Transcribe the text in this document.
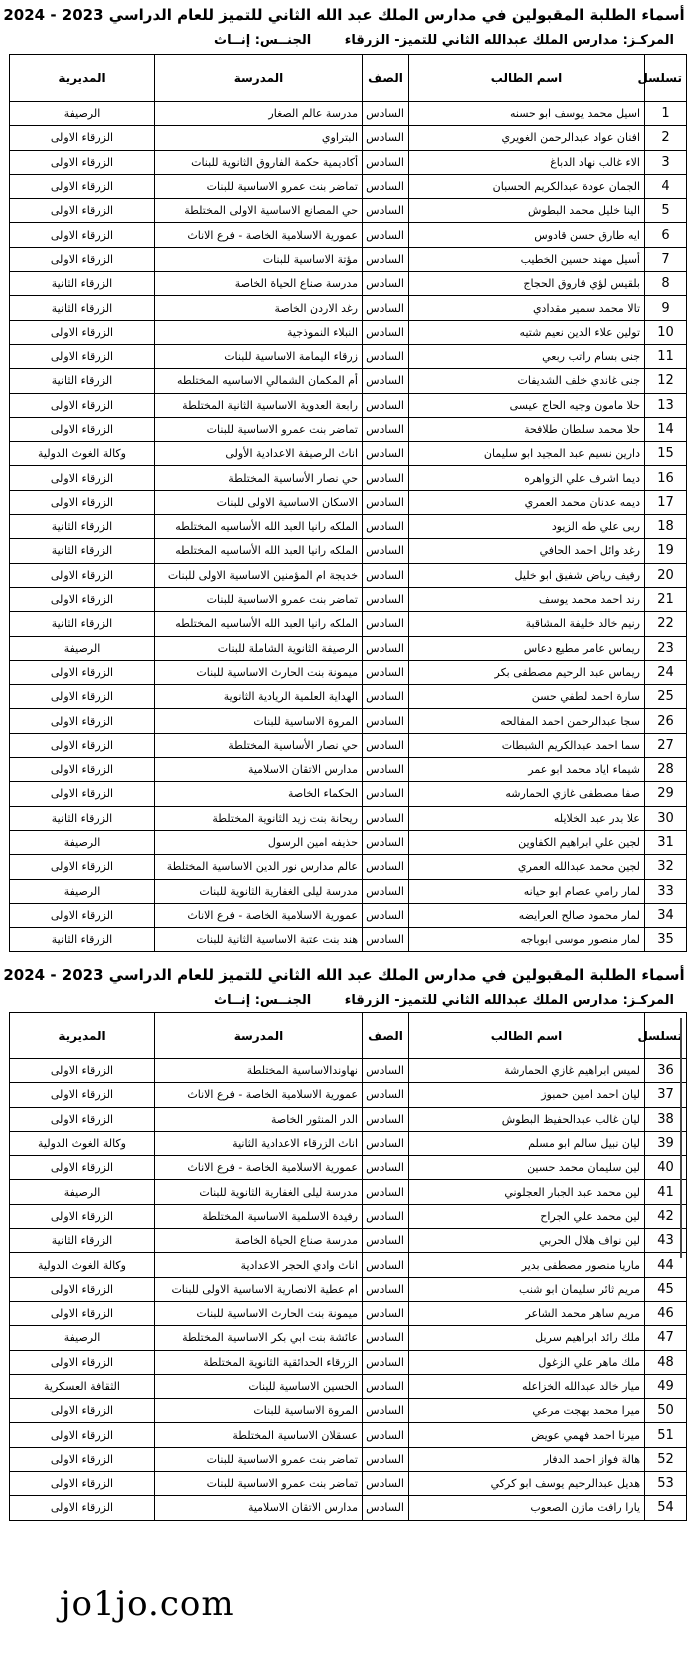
أسماء الطلبة المقبولين في مدارس الملك عبد الله الثاني للتميز للعام الدراسي 2023 - 2024
المركـز: مدارس الملك عبدالله الثاني للتميز- الزرقاء
الجنــس: إنــاث
تسلسل	اسم الطالب	الصف	المدرسة	المديرية
1	اسيل محمد يوسف ابو حسنه	السادس	مدرسة عالم الصغار	الرصيفة
2	افنان عواد عبدالرحمن الغويري	السادس	البتراوي	الزرقاء الاولى
3	الاء غالب نهاد الدباغ	السادس	أكاديمية حكمة الفاروق الثانوية للبنات	الزرقاء الاولى
4	الجمان عودة عبدالكريم الحسبان	السادس	تماضر بنت عمرو الاساسية للبنات	الزرقاء الاولى
5	الينا خليل محمد البطوش	السادس	حي المصانع الاساسية الاولى المختلطة	الزرقاء الاولى
6	ايه طارق حسن قادوس	السادس	عمورية الاسلامية الخاصة - فرع الاناث	الزرقاء الاولى
7	أسيل مهند حسين الخطيب	السادس	مؤتة الاساسية للبنات	الزرقاء الاولى
8	بلقيس لؤي فاروق الحجاج	السادس	مدرسة صناع الحياة الخاصة	الزرقاء الثانية
9	تالا محمد سمير مقدادي	السادس	رغد الاردن الخاصة	الزرقاء الثانية
10	تولين علاء الدين نعيم شتيه	السادس	النبلاء النموذجية	الزرقاء الاولى
11	جنى بسام راتب ربعي	السادس	زرقاء اليمامة الاساسية للبنات	الزرقاء الاولى
12	جنى غاندي خلف الشديفات	السادس	أم المكمان الشمالي الاساسيه المختلطه	الزرقاء الثانية
13	حلا مامون وجيه الحاج عيسى	السادس	رابعة العدوية الاساسية الثانية المختلطة	الزرقاء الاولى
14	حلا محمد سلطان طلافحة	السادس	تماضر بنت عمرو الاساسية للبنات	الزرقاء الاولى
15	دارين نسيم عبد المجيد ابو سليمان	السادس	اناث الرصيفة الاعدادية الأولى	وكالة الغوث الدولية
16	ديما اشرف علي الزواهره	السادس	حي نصار الأساسية المختلطة	الزرقاء الاولى
17	ديمه عدنان محمد العمري	السادس	الاسكان الاساسية الاولى للبنات	الزرقاء الاولى
18	ربى علي طه الزيود	السادس	الملكه رانيا العبد الله الأساسيه المختلطه	الزرقاء الثانية
19	رغد وائل احمد الحافي	السادس	الملكه رانيا العبد الله الأساسيه المختلطه	الزرقاء الثانية
20	رفيف رياض شفيق ابو خليل	السادس	خديجة ام المؤمنين الاساسية الاولى للبنات	الزرقاء الاولى
21	رند احمد محمد يوسف	السادس	تماضر بنت عمرو الاساسية للبنات	الزرقاء الاولى
22	رنيم خالد خليفة المشاقبة	السادس	الملكه رانيا العبد الله الأساسيه المختلطه	الزرقاء الثانية
23	ريماس عامر مطيع دعاس	السادس	الرصيفة الثانوية الشاملة للبنات	الرصيفة
24	ريماس عبد الرحيم مصطفى بكر	السادس	ميمونة بنت الحارث الاساسية للبنات	الزرقاء الاولى
25	سارة احمد لطفي حسن	السادس	الهداية العلمية الريادية الثانوية	الزرقاء الاولى
26	سجا عبدالرحمن احمد المفالحه	السادس	المروة الاساسية للبنات	الزرقاء الاولى
27	سما احمد عبدالكريم الشبطات	السادس	حي نصار الأساسية المختلطة	الزرقاء الاولى
28	شيماء اياد محمد ابو عمر	السادس	مدارس الاتقان الاسلامية	الزرقاء الاولى
29	صفا مصطفى غازي الحمارشه	السادس	الحكماء الخاصة	الزرقاء الاولى
30	علا بدر عبد الخلايله	السادس	ريحانة بنت زيد الثانوية المختلطة	الزرقاء الثانية
31	لجين علي ابراهيم الكفاوين	السادس	حذيفه امين الرسول	الرصيفة
32	لجين محمد عبدالله العمري	السادس	عالم مدارس نور الدين الاساسية المختلطة	الزرقاء الاولى
33	لمار رامي عصام ابو حيانه	السادس	مدرسة ليلى الغفارية الثانوية للبنات	الرصيفة
34	لمار محمود صالح العرايضه	السادس	عمورية الاسلامية الخاصة - فرع الاناث	الزرقاء الاولى
35	لمار منصور موسى ابوباجه	السادس	هند بنت عتبة الاساسية الثانية للبنات	الزرقاء الثانية
أسماء الطلبة المقبولين في مدارس الملك عبد الله الثاني للتميز للعام الدراسي 2023 - 2024
المركـز: مدارس الملك عبدالله الثاني للتميز- الزرقاء
الجنــس: إنــاث
تسلسل	اسم الطالب	الصف	المدرسة	المديرية
36	لميس ابراهيم غازي الحمارشة	السادس	نهاوندالاساسية المختلطة	الزرقاء الاولى
37	ليان احمد امين حمبوز	السادس	عمورية الاسلامية الخاصة - فرع الاناث	الزرقاء الاولى
38	ليان غالب عبدالحفيظ البطوش	السادس	الدر المنثور الخاصة	الزرقاء الاولى
39	ليان نبيل سالم ابو مسلم	السادس	اناث الزرقاء الاعدادية الثانية	وكالة الغوث الدولية
40	لين سليمان محمد حسين	السادس	عمورية الاسلامية الخاصة - فرع الاناث	الزرقاء الاولى
41	لين محمد عبد الجبار العجلوني	السادس	مدرسة ليلى الغفارية الثانوية للبنات	الرصيفة
42	لين محمد علي الجراح	السادس	رفيدة الاسلمية الاساسية المختلطة	الزرقاء الاولى
43	لين نواف هلال الحربي	السادس	مدرسة صناع الحياة الخاصة	الزرقاء الثانية
44	ماريا منصور مصطفى بدير	السادس	اناث وادي الحجر الاعدادية	وكالة الغوث الدولية
45	مريم ثائر سليمان ابو شنب	السادس	ام عطية الانصارية الاساسية الاولى للبنات	الزرقاء الاولى
46	مريم ساهر محمد الشاعر	السادس	ميمونة بنت الحارث الاساسية للبنات	الزرقاء الاولى
47	ملك رائد ابراهيم سربل	السادس	عائشة بنت ابي بكر الاساسية المختلطة	الرصيفة
48	ملك ماهر علي الزغول	السادس	الزرقاء الحدائقية الثانوية المختلطة	الزرقاء الاولى
49	ميار خالد عبدالله الخزاعله	السادس	الحسين الاساسية للبنات	الثقافة العسكرية
50	ميرا محمد بهجت مرعي	السادس	المروة الاساسية للبنات	الزرقاء الاولى
51	ميرنا احمد فهمي عويض	السادس	عسقلان الاساسية المختلطة	الزرقاء الاولى
52	هالة فواز احمد الدفار	السادس	تماضر بنت عمرو الاساسية للبنات	الزرقاء الاولى
53	هديل عبدالرحيم يوسف ابو كركي	السادس	تماضر بنت عمرو الاساسية للبنات	الزرقاء الاولى
54	يارا رافت مازن الصعوب	السادس	مدارس الاتقان الاسلامية	الزرقاء الاولى
jo1jo.com
